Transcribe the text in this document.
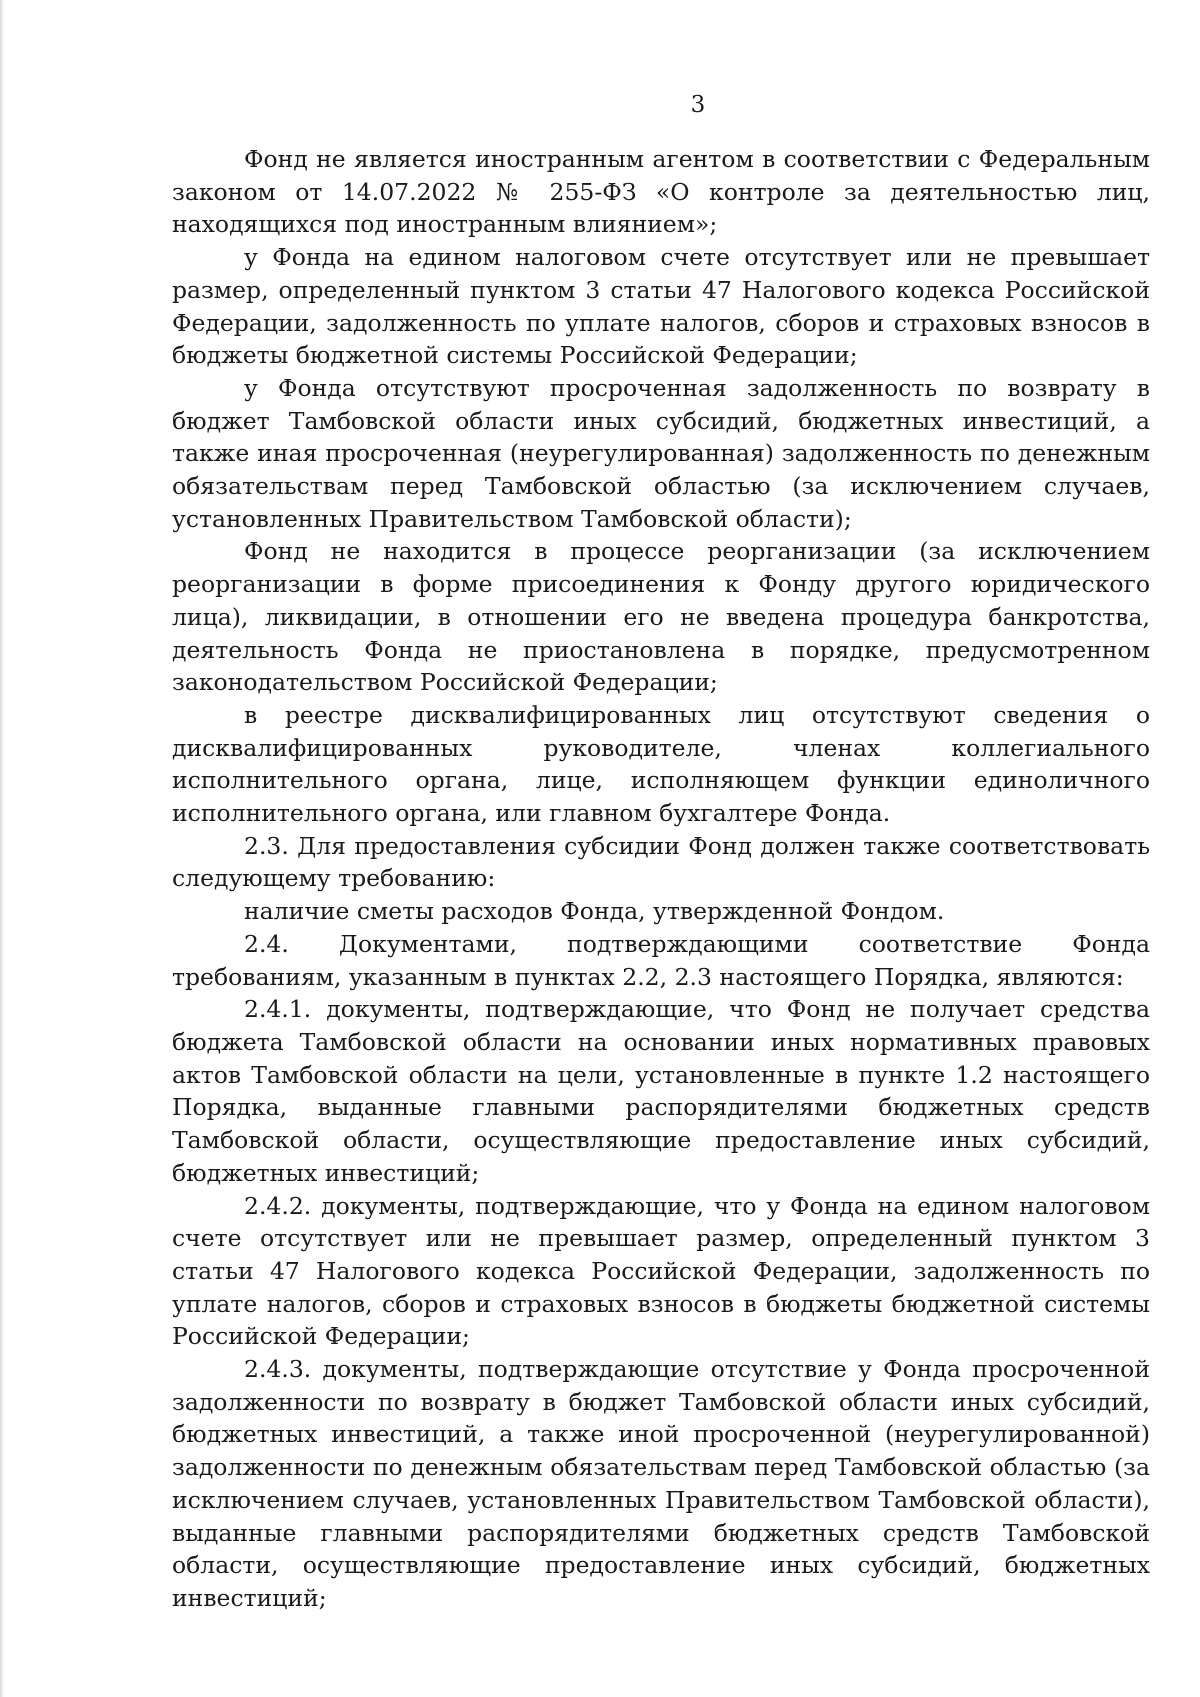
3

Фонд не является иностранным агентом в соответствии с Федеральным законом от 14.07.2022 № 255-ФЗ «О контроле за деятельностью лиц, находящихся под иностранным влиянием»;

у Фонда на едином налоговом счете отсутствует или не превышает размер, определенный пунктом 3 статьи 47 Налогового кодекса Российской Федерации, задолженность по уплате налогов, сборов и страховых взносов в бюджеты бюджетной системы Российской Федерации;

у Фонда отсутствуют просроченная задолженность по возврату в бюджет Тамбовской области иных субсидий, бюджетных инвестиций, а также иная просроченная (неурегулированная) задолженность по денежным обязательствам перед Тамбовской областью (за исключением случаев, установленных Правительством Тамбовской области);

Фонд не находится в процессе реорганизации (за исключением реорганизации в форме присоединения к Фонду другого юридического лица), ликвидации, в отношении его не введена процедура банкротства, деятельность Фонда не приостановлена в порядке, предусмотренном законодательством Российской Федерации;

в реестре дисквалифицированных лиц отсутствуют сведения о дисквалифицированных руководителе, членах коллегиального исполнительного органа, лице, исполняющем функции единоличного исполнительного органа, или главном бухгалтере Фонда.

2.3. Для предоставления субсидии Фонд должен также соответствовать следующему требованию:

наличие сметы расходов Фонда, утвержденной Фондом.

2.4. Документами, подтверждающими соответствие Фонда требованиям, указанным в пунктах 2.2, 2.3 настоящего Порядка, являются:

2.4.1. документы, подтверждающие, что Фонд не получает средства бюджета Тамбовской области на основании иных нормативных правовых актов Тамбовской области на цели, установленные в пункте 1.2 настоящего Порядка, выданные главными распорядителями бюджетных средств Тамбовской области, осуществляющие предоставление иных субсидий, бюджетных инвестиций;

2.4.2. документы, подтверждающие, что у Фонда на едином налоговом счете отсутствует или не превышает размер, определенный пунктом 3 статьи 47 Налогового кодекса Российской Федерации, задолженность по уплате налогов, сборов и страховых взносов в бюджеты бюджетной системы Российской Федерации;

2.4.3. документы, подтверждающие отсутствие у Фонда просроченной задолженности по возврату в бюджет Тамбовской области иных субсидий, бюджетных инвестиций, а также иной просроченной (неурегулированной) задолженности по денежным обязательствам перед Тамбовской областью (за исключением случаев, установленных Правительством Тамбовской области), выданные главными распорядителями бюджетных средств Тамбовской области, осуществляющие предоставление иных субсидий, бюджетных инвестиций;
